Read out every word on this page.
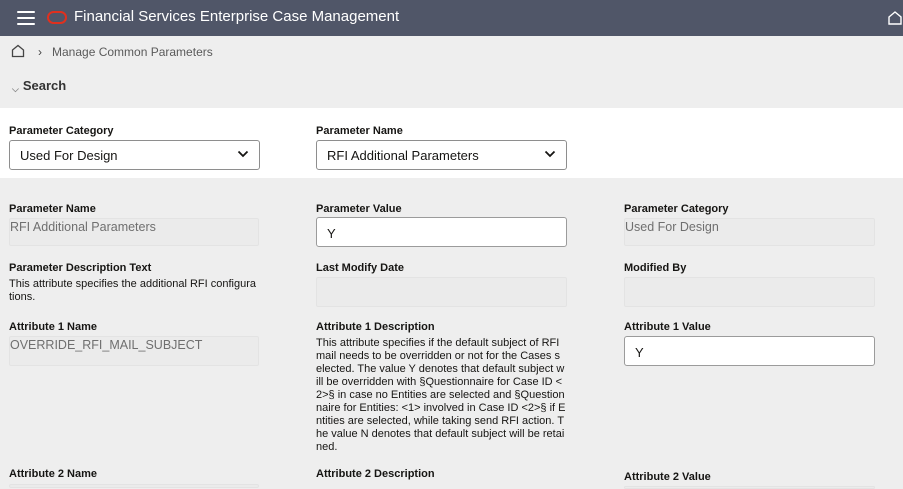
Financial Services Enterprise Case Management
› Manage Common Parameters
⌵ Search
Parameter Category
Used For Design
Parameter Name
RFI Additional Parameters
Parameter Name
RFI Additional Parameters
Parameter Value
Y
Parameter Category
Used For Design
Parameter Description Text
This attribute specifies the additional RFI configurations.
Last Modify Date	Modified By
Attribute 1 Name
OVERRIDE_RFI_MAIL_SUBJECT
Attribute 1 Description
This attribute specifies if the default subject of RFI mail needs to be overridden or not for the Cases selected. The value Y denotes that default subject will be overridden with §Questionnaire for Case ID <2>§ in case no Entities are selected and §Questionnaire for Entities: <1> involved in Case ID <2>§ if Entities are selected, while taking send RFI action. The value N denotes that default subject will be retained.
Attribute 1 Value
Y
Attribute 2 Name	Attribute 2 Description	Attribute 2 Value
